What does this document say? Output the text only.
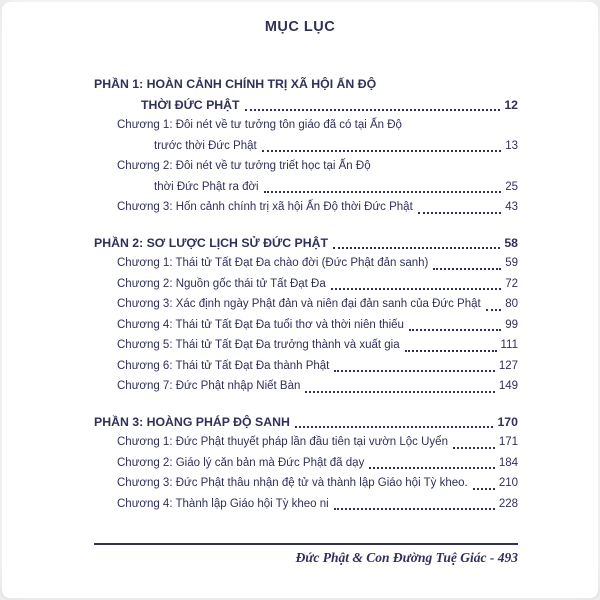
MỤC LỤC
PHẦN 1: HOÀN CẢNH CHÍNH TRỊ XÃ HỘI ẤN ĐỘ
THỜI ĐỨC PHẬT	12
Chương 1: Đôi nét về tư tưởng tôn giáo đã có tại Ấn Độ
trước thời Đức Phật	13
Chương 2: Đôi nét về tư tưởng triết học tại Ấn Độ
thời Đức Phật ra đời	25
Chương 3: Hốn cảnh chính trị xã hội Ấn Độ thời Đức Phật	43
PHẦN 2: SƠ LƯỢC LỊCH SỬ ĐỨC PHẬT	58
Chương 1: Thái tử Tất Đạt Đa chào đời (Đức Phật đản sanh)	59
Chương 2: Nguồn gốc thái tử Tất Đạt Đa	72
Chương 3: Xác định ngày Phật đản và niên đại đản sanh của Đức Phật 80
Chương 4: Thái tử Tất Đạt Đa tuổi thơ và thời niên thiếu	99
Chương 5: Thái tử Tất Đạt Đa trưởng thành và xuất gia	111
Chương 6: Thái tử Tất Đạt Đa thành Phật	127
Chương 7: Đức Phật nhập Niết Bàn	149
PHẦN 3: HOÀNG PHÁP ĐỘ SANH	170
Chương 1: Đức Phật thuyết pháp lần đầu tiên tại vườn Lộc Uyển	171
Chương 2: Giáo lý căn bản mà Đức Phật đã dạy	184
Chương 3: Đức Phật thâu nhận đệ tử và thành lập Giáo hội Tỳ kheo.	210
Chương 4: Thành lập Giáo hội Tỳ kheo ni	228
Đức Phật & Con Đường Tuệ Giác - 493
